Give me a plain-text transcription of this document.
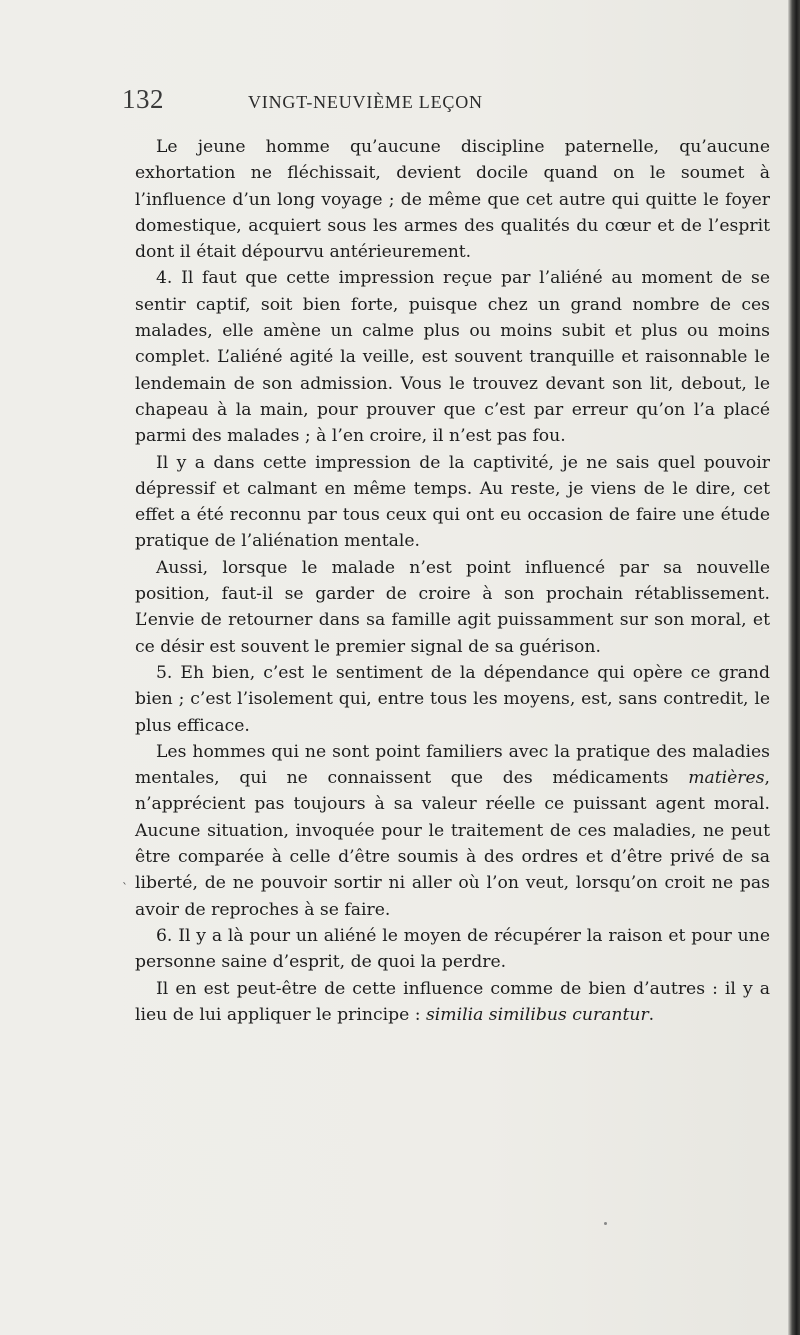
132	VINGT-NEUVIÈME LEÇON

Le jeune homme qu’aucune discipline paternelle, qu’aucune exhortation ne fléchissait, devient docile quand on le soumet à l’influence d’un long voyage ; de même que cet autre qui quitte le foyer domestique, acquiert sous les armes des qualités du cœur et de l’esprit dont il était dépourvu antérieurement.

4. Il faut que cette impression reçue par l’aliéné au moment de se sentir captif, soit bien forte, puisque chez un grand nombre de ces malades, elle amène un calme plus ou moins subit et plus ou moins complet. L’aliéné agité la veille, est souvent tranquille et raisonnable le lendemain de son admission. Vous le trouvez devant son lit, debout, le chapeau à la main, pour prouver que c’est par erreur qu’on l’a placé parmi des malades ; à l’en croire, il n’est pas fou.

Il y a dans cette impression de la captivité, je ne sais quel pouvoir dépressif et calmant en même temps. Au reste, je viens de le dire, cet effet a été reconnu par tous ceux qui ont eu occasion de faire une étude pratique de l’aliénation mentale.

Aussi, lorsque le malade n’est point influencé par sa nouvelle position, faut-il se garder de croire à son prochain rétablissement. L’envie de retourner dans sa famille agit puissamment sur son moral, et ce désir est souvent le premier signal de sa guérison.

5. Eh bien, c’est le sentiment de la dépendance qui opère ce grand bien ; c’est l’isolement qui, entre tous les moyens, est, sans contredit, le plus efficace.

Les hommes qui ne sont point familiers avec la pratique des maladies mentales, qui ne connaissent que des médicaments matières, n’apprécient pas toujours à sa valeur réelle ce puissant agent moral. Aucune situation, invoquée pour le traitement de ces maladies, ne peut être comparée à celle d’être soumis à des ordres et d’être privé de sa liberté, de ne pouvoir sortir ni aller où l’on veut, lorsqu’on croit ne pas avoir de reproches à se faire.

6. Il y a là pour un aliéné le moyen de récupérer la raison et pour une personne saine d’esprit, de quoi la perdre.

Il en est peut-être de cette influence comme de bien d’autres : il y a lieu de lui appliquer le principe : similia similibus curantur.

ˋ
